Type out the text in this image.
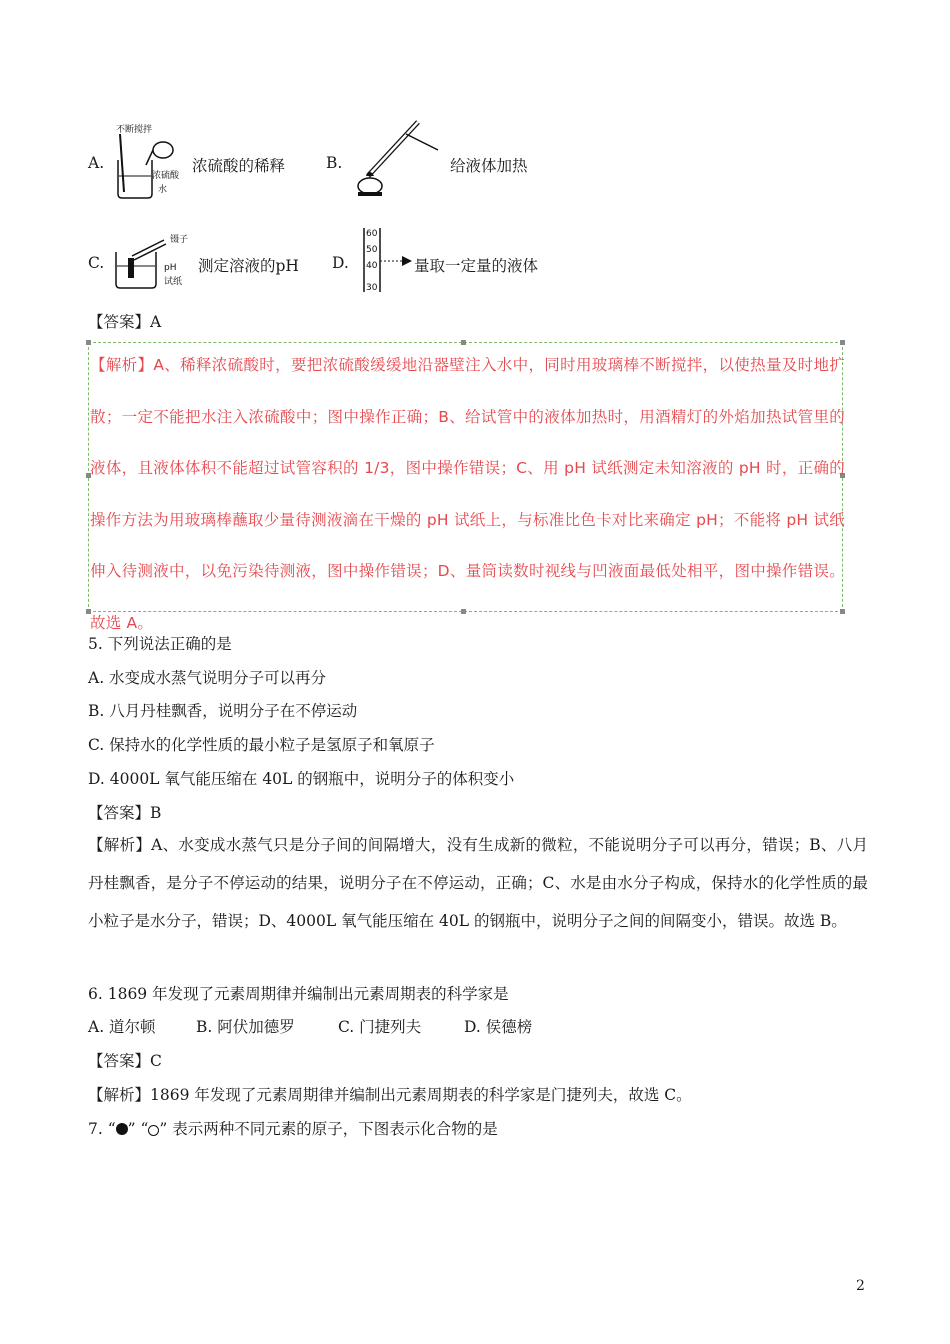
A.
不断搅拌
浓硫酸
水
浓硫酸的稀释	B.	给液体加热
C.
镊子
pH
试纸
测定溶液的pH D.
60
50
40
30
量取一定量的液体
【答案】A
【解析】A、稀释浓硫酸时，要把浓硫酸缓缓地沿器壁注入水中，同时用玻璃棒不断搅拌，以使热量及时地扩散；一定不能把水注入浓硫酸中；图中操作正确；B、给试管中的液体加热时，用酒精灯的外焰加热试管里的液体，且液体体积不能超过试管容积的 1/3，图中操作错误；C、用 pH 试纸测定未知溶液的 pH 时，正确的操作方法为用玻璃棒蘸取少量待测液滴在干燥的 pH 试纸上，与标准比色卡对比来确定 pH；不能将 pH 试纸伸入待测液中，以免污染待测液，图中操作错误；D、量筒读数时视线与凹液面最低处相平，图中操作错误。故选 A。
5. 下列说法正确的是
A. 水变成水蒸气说明分子可以再分
B. 八月丹桂飘香，说明分子在不停运动
C. 保持水的化学性质的最小粒子是氢原子和氧原子
D. 4000L 氧气能压缩在 40L 的钢瓶中，说明分子的体积变小
【答案】B
【解析】A、水变成水蒸气只是分子间的间隔增大，没有生成新的微粒，不能说明分子可以再分，错误；B、八月丹桂飘香，是分子不停运动的结果，说明分子在不停运动，正确；C、水是由水分子构成，保持水的化学性质的最小粒子是水分子，错误；D、4000L 氧气能压缩在 40L 的钢瓶中，说明分子之间的间隔变小，错误。故选 B。
6. 1869 年发现了元素周期律并编制出元素周期表的科学家是
A. 道尔顿	B. 阿伏加德罗	C. 门捷列夫	D. 侯德榜
【答案】C
【解析】1869 年发现了元素周期律并编制出元素周期表的科学家是门捷列夫，故选 C。
7. “ ” “ ” 表示两种不同元素的原子，下图表示化合物的是
2
